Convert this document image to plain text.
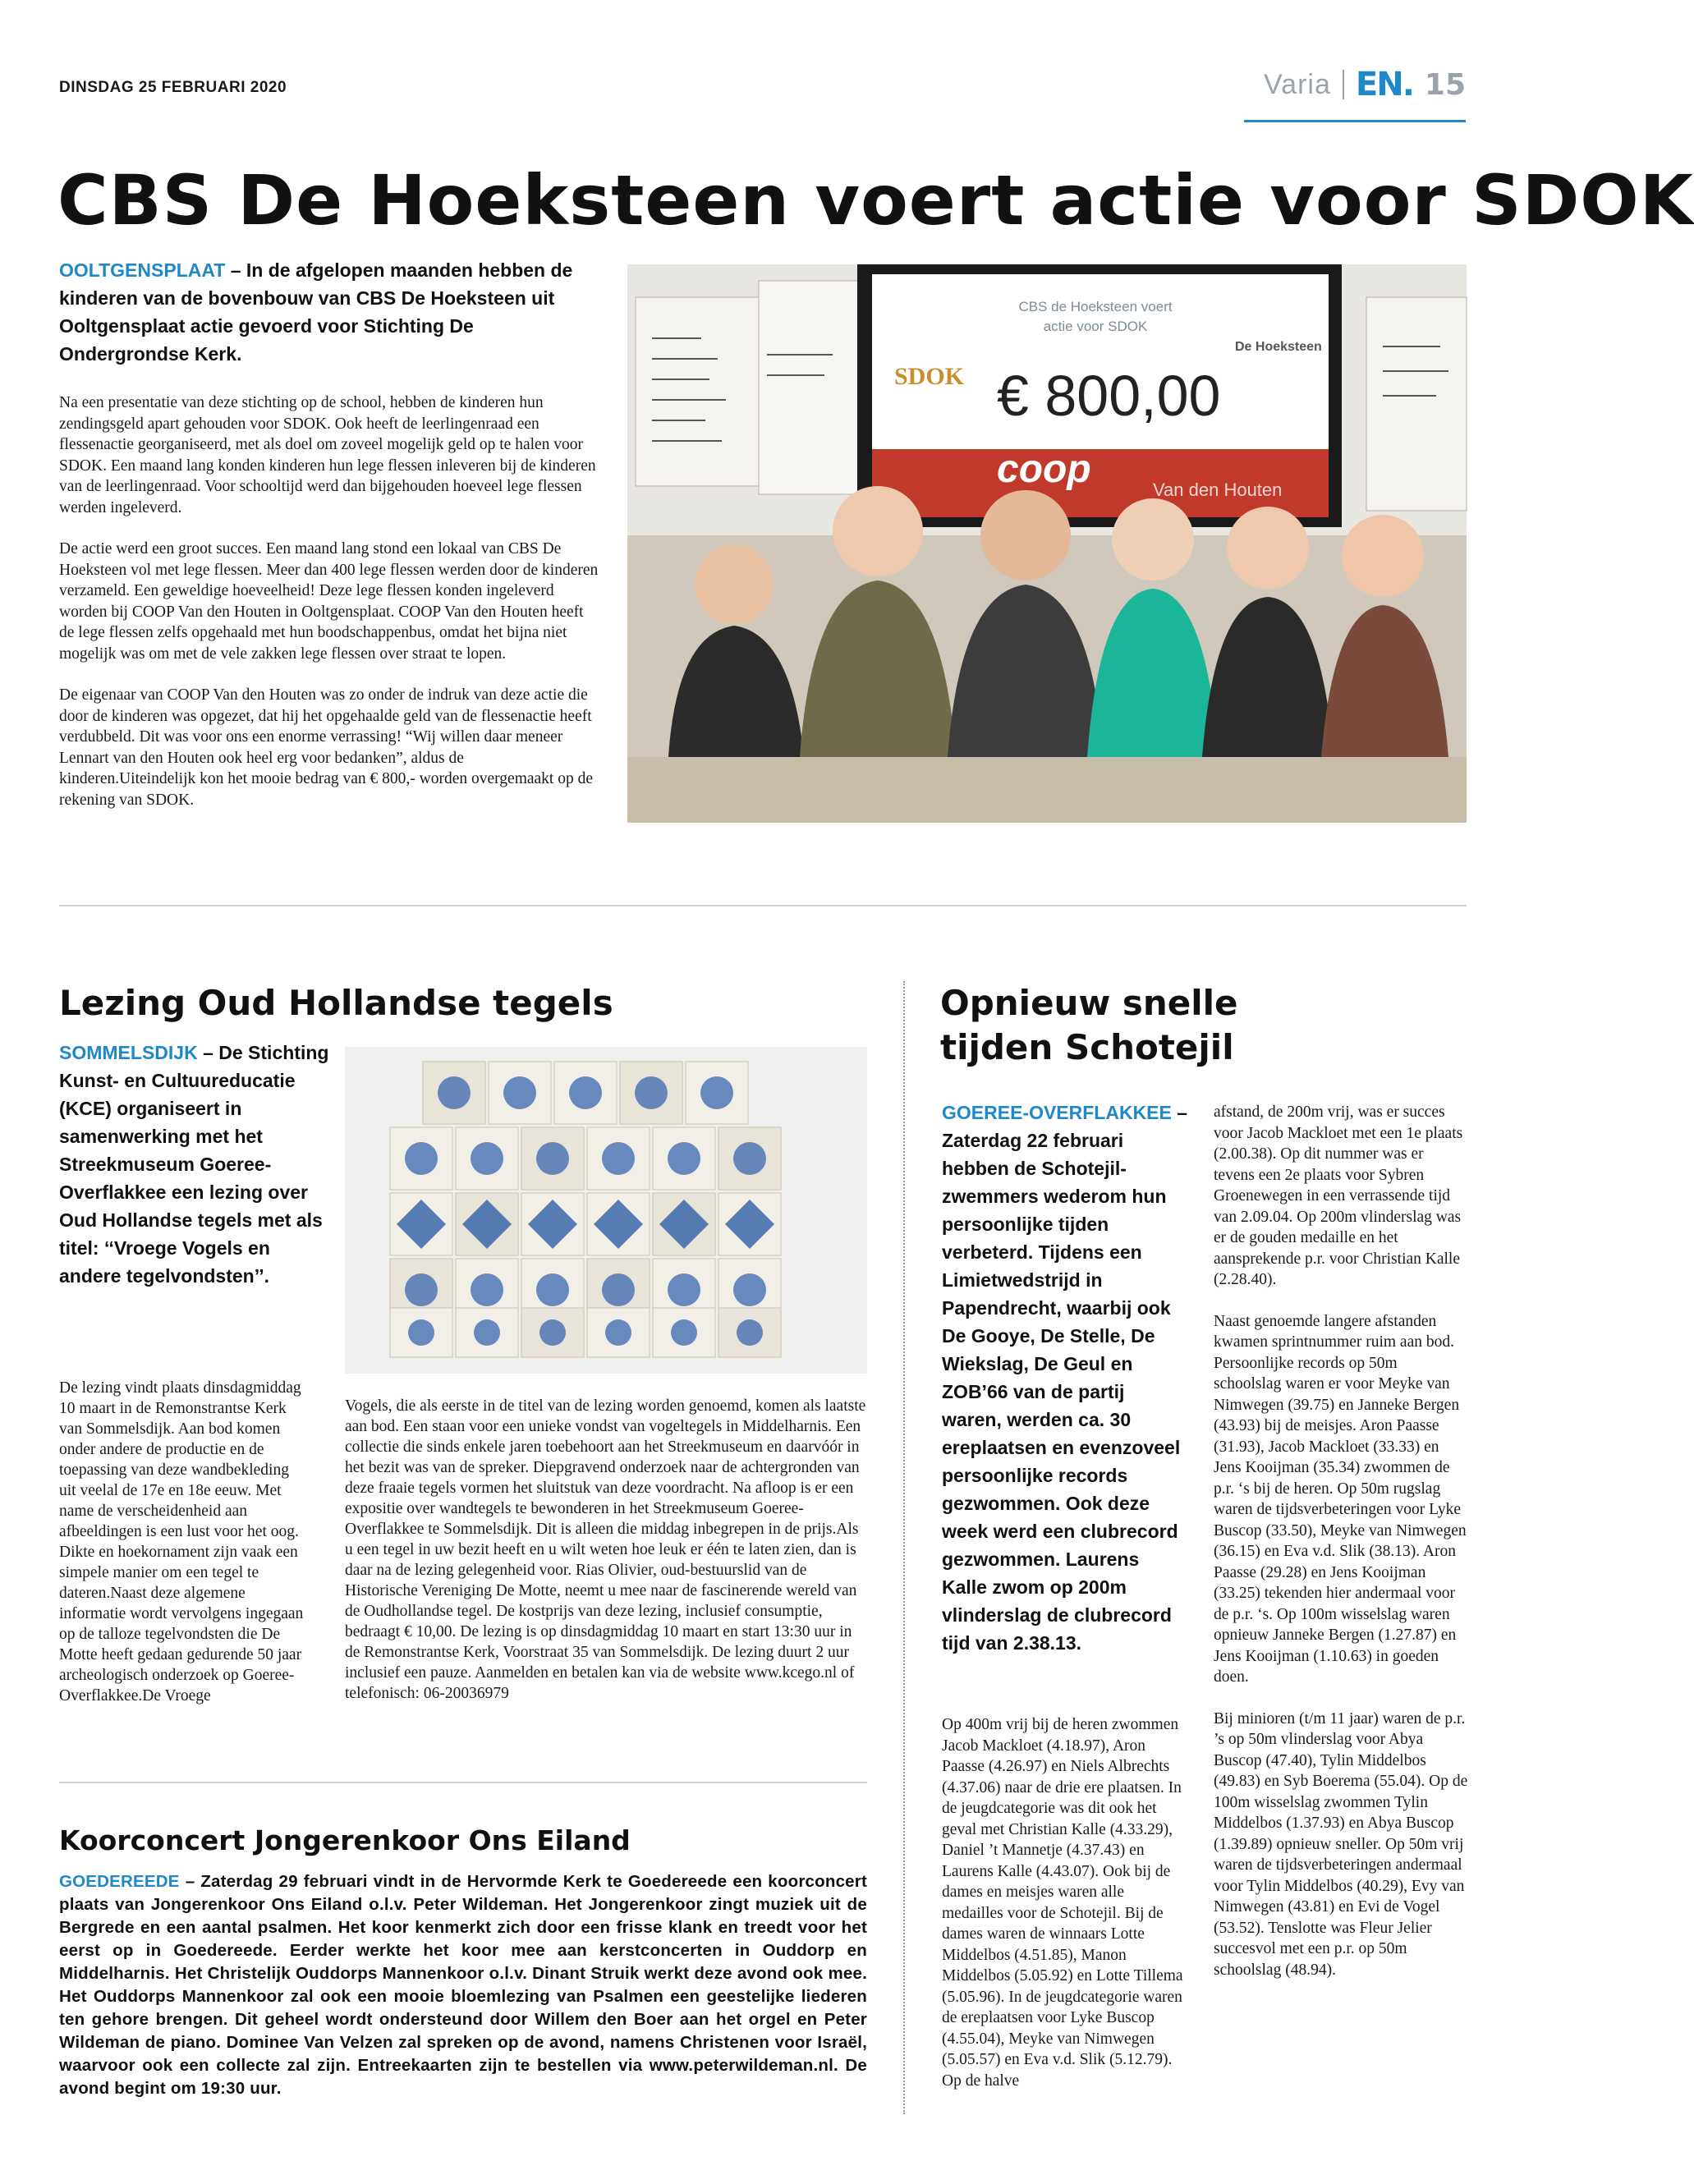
DINSDAG 25 FEBRUARI 2020	Varia EN. 15
CBS De Hoeksteen voert actie voor SDOK

OOLTGENSPLAAT – In de afgelopen maanden hebben de kinderen van de bovenbouw van CBS De Hoeksteen uit Ooltgensplaat actie gevoerd voor Stichting De Ondergrondse Kerk.

Na een presentatie van deze stichting op de school, hebben de kinderen hun zendingsgeld apart gehouden voor SDOK. Ook heeft de leerlingenraad een flessenactie georganiseerd, met als doel om zoveel mogelijk geld op te halen voor SDOK. Een maand lang konden kinderen hun lege flessen inleveren bij de kinderen van de leerlingenraad. Voor schooltijd werd dan bijgehouden hoeveel lege flessen werden ingeleverd.

De actie werd een groot succes. Een maand lang stond een lokaal van CBS De Hoeksteen vol met lege flessen. Meer dan 400 lege flessen werden door de kinderen verzameld. Een geweldige hoeveelheid! Deze lege flessen konden ingeleverd worden bij COOP Van den Houten in Ooltgensplaat. COOP Van den Houten heeft de lege flessen zelfs opgehaald met hun boodschappenbus, omdat het bijna niet mogelijk was om met de vele zakken lege flessen over straat te lopen.

De eigenaar van COOP Van den Houten was zo onder de indruk van deze actie die door de kinderen was opgezet, dat hij het opgehaalde geld van de flessenactie heeft verdubbeld. Dit was voor ons een enorme verrassing! “Wij willen daar meneer Lennart van den Houten ook heel erg voor bedanken”, aldus de kinderen.Uiteindelijk kon het mooie bedrag van € 800,- worden overgemaakt op de rekening van SDOK.

CBS de Hoeksteen voert
actie voor SDOK
SDOK
De Hoeksteen
€ 800,00
coop	Van den Houten
Lezing Oud Hollandse tegels
SOMMELSDIJK – De Stichting Kunst- en Cultuureducatie (KCE) organiseert in samenwerking met het Streekmuseum Goeree-Overflakkee een lezing over Oud Hollandse tegels met als titel: ‘‘Vroege Vogels en andere tegelvondsten’’.
De lezing vindt plaats dinsdagmiddag 10 maart in de Remonstrantse Kerk van Sommelsdijk. Aan bod komen onder andere de productie en de toepassing van deze wandbekleding uit veelal de 17e en 18e eeuw. Met name de verscheidenheid aan afbeeldingen is een lust voor het oog. Dikte en hoekornament zijn vaak een simpele manier om een tegel te dateren.Naast deze algemene informatie wordt vervolgens ingegaan op de talloze tegelvondsten die De Motte heeft gedaan gedurende 50 jaar archeologisch onderzoek op Goeree-Overflakkee.De Vroege
Vogels, die als eerste in de titel van de lezing worden genoemd, komen als laatste aan bod. Een staan voor een unieke vondst van vogeltegels in Middelharnis. Een collectie die sinds enkele jaren toebehoort aan het Streekmuseum en daarvóór in het bezit was van de spreker. Diepgravend onderzoek naar de achtergronden van deze fraaie tegels vormen het sluitstuk van deze voordracht. Na afloop is er een expositie over wandtegels te bewonderen in het Streekmuseum Goeree-Overflakkee te Sommelsdijk. Dit is alleen die middag inbegrepen in de prijs.Als u een tegel in uw bezit heeft en u wilt weten hoe leuk er één te laten zien, dan is daar na de lezing gelegenheid voor. Rias Olivier, oud-bestuurslid van de Historische Vereniging De Motte, neemt u mee naar de fascinerende wereld van de Oudhollandse tegel. De kostprijs van deze lezing, inclusief consumptie, bedraagt € 10,00. De lezing is op dinsdagmiddag 10 maart en start 13:30 uur in de Remonstrantse Kerk, Voorstraat 35 van Sommelsdijk. De lezing duurt 2 uur inclusief een pauze. Aanmelden en betalen kan via de website www.kcego.nl of telefonisch: 06-20036979
Koorconcert Jongerenkoor Ons Eiland
GOEDEREEDE – Zaterdag 29 februari vindt in de Hervormde Kerk te Goedereede een koorconcert plaats van Jongerenkoor Ons Eiland o.l.v. Peter Wildeman. Het Jongerenkoor zingt muziek uit de Bergrede en een aantal psalmen. Het koor kenmerkt zich door een frisse klank en treedt voor het eerst op in Goedereede. Eerder werkte het koor mee aan kerstconcerten in Ouddorp en Middelharnis. Het Christelijk Ouddorps Mannenkoor o.l.v. Dinant Struik werkt deze avond ook mee. Het Ouddorps Mannenkoor zal ook een mooie bloemlezing van Psalmen een geestelijke liederen ten gehore brengen. Dit geheel wordt ondersteund door Willem den Boer aan het orgel en Peter Wildeman de piano. Dominee Van Velzen zal spreken op de avond, namens Christenen voor Israël, waarvoor ook een collecte zal zijn. Entreekaarten zijn te bestellen via www.peterwildeman.nl. De avond begint om 19:30 uur.
Opnieuw snelle
tijden Schotejil
GOEREE-OVERFLAKKEE – Zaterdag 22 februari hebben de Schotejil-zwemmers wederom hun persoonlijke tijden verbeterd. Tijdens een Limietwedstrijd in Papendrecht, waarbij ook De Gooye, De Stelle, De Wiekslag, De Geul en ZOB’66 van de partij waren, werden ca. 30 ereplaatsen en evenzoveel persoonlijke records gezwommen. Ook deze week werd een clubrecord gezwommen. Laurens Kalle zwom op 200m vlinderslag de clubrecord tijd van 2.38.13.
Op 400m vrij bij de heren zwommen Jacob Mackloet (4.18.97), Aron Paasse (4.26.97) en Niels Albrechts (4.37.06) naar de drie ere plaatsen. In de jeugdcategorie was dit ook het geval met Christian Kalle (4.33.29), Daniel ’t Mannetje (4.37.43) en Laurens Kalle (4.43.07). Ook bij de dames en meisjes waren alle medailles voor de Schotejil. Bij de dames waren de winnaars Lotte Middelbos (4.51.85), Manon Middelbos (5.05.92) en Lotte Tillema (5.05.96). In de jeugdcategorie waren de ereplaatsen voor Lyke Buscop (4.55.04), Meyke van Nimwegen (5.05.57) en Eva v.d. Slik (5.12.79). Op de halve

afstand, de 200m vrij, was er succes voor Jacob Mackloet met een 1e plaats (2.00.38). Op dit nummer was er tevens een 2e plaats voor Sybren Groenewegen in een verrassende tijd van 2.09.04. Op 200m vlinderslag was er de gouden medaille en het aansprekende p.r. voor Christian Kalle (2.28.40).

Naast genoemde langere afstanden kwamen sprintnummer ruim aan bod. Persoonlijke records op 50m schoolslag waren er voor Meyke van Nimwegen (39.75) en Janneke Bergen (43.93) bij de meisjes. Aron Paasse (31.93), Jacob Mackloet (33.33) en Jens Kooijman (35.34) zwommen de p.r. ‘s bij de heren. Op 50m rugslag waren de tijdsverbeteringen voor Lyke Buscop (33.50), Meyke van Nimwegen (36.15) en Eva v.d. Slik (38.13). Aron Paasse (29.28) en Jens Kooijman (33.25) tekenden hier andermaal voor de p.r. ‘s. Op 100m wisselslag waren opnieuw Janneke Bergen (1.27.87) en Jens Kooijman (1.10.63) in goeden doen.

Bij minioren (t/m 11 jaar) waren de p.r. ’s op 50m vlinderslag voor Abya Buscop (47.40), Tylin Middelbos (49.83) en Syb Boerema (55.04). Op de 100m wisselslag zwommen Tylin Middelbos (1.37.93) en Abya Buscop (1.39.89) opnieuw sneller. Op 50m vrij waren de tijdsverbeteringen andermaal voor Tylin Middelbos (40.29), Evy van Nimwegen (43.81) en Evi de Vogel (53.52). Tenslotte was Fleur Jelier succesvol met een p.r. op 50m schoolslag (48.94).
